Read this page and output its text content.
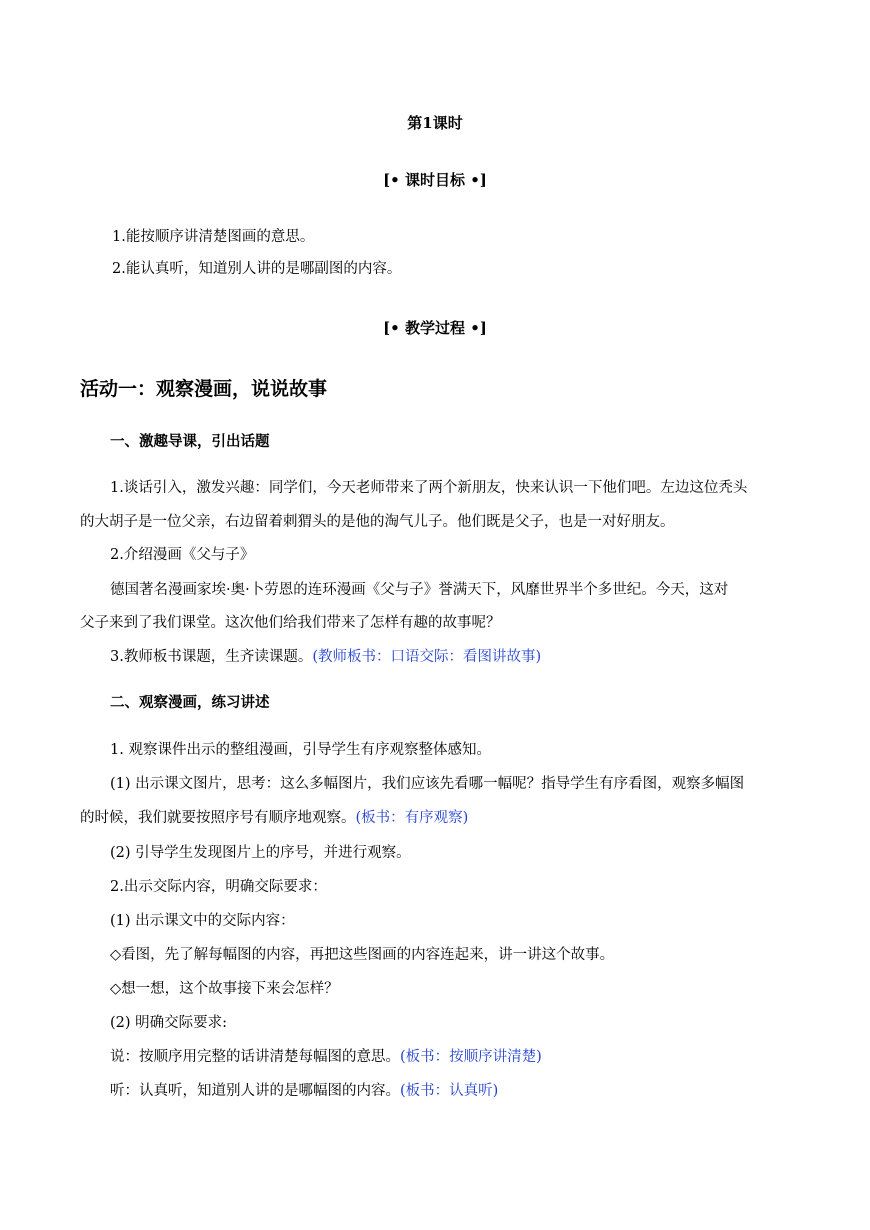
第1课时
[• 课时目标 •]
1.能按顺序讲清楚图画的意思。
2.能认真听，知道别人讲的是哪副图的内容。
[• 教学过程 •]
活动一：观察漫画，说说故事
一、激趣导课，引出话题
1.谈话引入，激发兴趣：同学们，今天老师带来了两个新朋友，快来认识一下他们吧。左边这位秃头
的大胡子是一位父亲，右边留着刺猬头的是他的淘气儿子。他们既是父子，也是一对好朋友。
2.介绍漫画《父与子》
德国著名漫画家埃·奥·卜劳恩的连环漫画《父与子》誉满天下，风靡世界半个多世纪。今天，这对
父子来到了我们课堂。这次他们给我们带来了怎样有趣的故事呢？
3.教师板书课题，生齐读课题。(教师板书：口语交际：看图讲故事)
二、观察漫画，练习讲述
1. 观察课件出示的整组漫画，引导学生有序观察整体感知。
(1) 出示课文图片，思考：这么多幅图片，我们应该先看哪一幅呢？指导学生有序看图，观察多幅图
的时候，我们就要按照序号有顺序地观察。(板书：有序观察)
(2) 引导学生发现图片上的序号，并进行观察。
2.出示交际内容，明确交际要求：
(1) 出示课文中的交际内容：
◇看图，先了解每幅图的内容，再把这些图画的内容连起来，讲一讲这个故事。
◇想一想，这个故事接下来会怎样？
(2) 明确交际要求:
说：按顺序用完整的话讲清楚每幅图的意思。(板书：按顺序讲清楚)
听：认真听，知道别人讲的是哪幅图的内容。(板书：认真听)
